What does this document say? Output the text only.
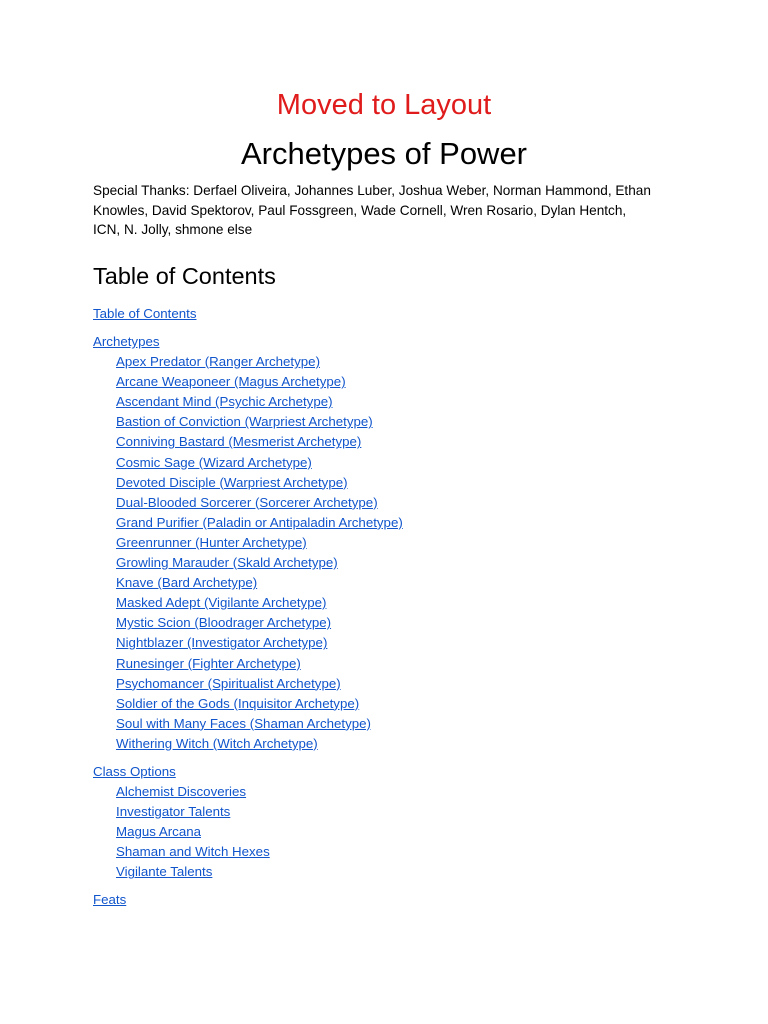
Moved to Layout
Archetypes of Power
Special Thanks: Derfael Oliveira, Johannes Luber, Joshua Weber, Norman Hammond, Ethan Knowles, David Spektorov, Paul Fossgreen, Wade Cornell, Wren Rosario, Dylan Hentch, ICN, N. Jolly, shmone else
Table of Contents
Table of Contents
Archetypes
Apex Predator (Ranger Archetype)
Arcane Weaponeer (Magus Archetype)
Ascendant Mind (Psychic Archetype)
Bastion of Conviction (Warpriest Archetype)
Conniving Bastard (Mesmerist Archetype)
Cosmic Sage (Wizard Archetype)
Devoted Disciple (Warpriest Archetype)
Dual-Blooded Sorcerer (Sorcerer Archetype)
Grand Purifier (Paladin or Antipaladin Archetype)
Greenrunner (Hunter Archetype)
Growling Marauder (Skald Archetype)
Knave (Bard Archetype)
Masked Adept (Vigilante Archetype)
Mystic Scion (Bloodrager Archetype)
Nightblazer (Investigator Archetype)
Runesinger (Fighter Archetype)
Psychomancer (Spiritualist Archetype)
Soldier of the Gods (Inquisitor Archetype)
Soul with Many Faces (Shaman Archetype)
Withering Witch (Witch Archetype)
Class Options
Alchemist Discoveries
Investigator Talents
Magus Arcana
Shaman and Witch Hexes
Vigilante Talents
Feats
